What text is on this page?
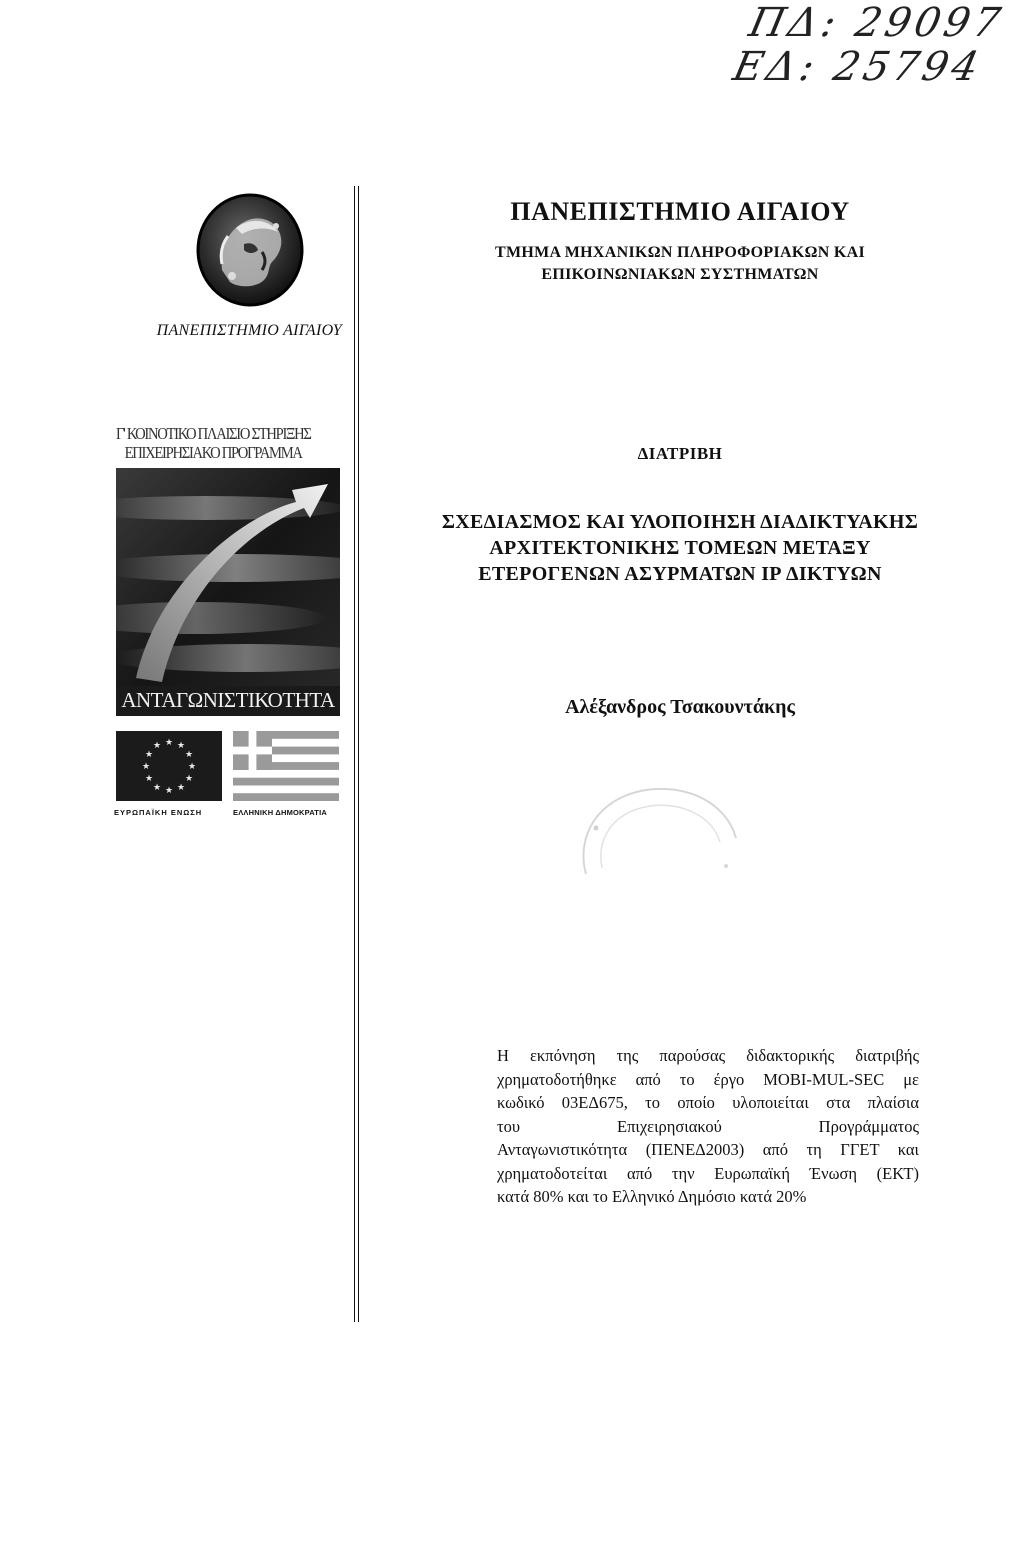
ΠΔ: 29097
ΕΔ: 25794
ΠΑΝΕΠΙΣΤΗΜΙΟ ΑΙΓΑΙΟΥ
Γ' ΚΟΙΝΟΤΙΚΟ ΠΛΑΙΣΙΟ ΣΤΗΡΙΞΗΣ
ΕΠΙΧΕΙΡΗΣΙΑΚΟ ΠΡΟΓΡΑΜΜΑ
ΑΝΤΑΓΩΝΙΣΤΙΚΟΤΗΤΑ
★ ★
★
★
★
★
★
★
★
★
★
★
ΕΥΡΩΠΑΪΚΗ ΕΝΩΣΗ	ΕΛΛΗΝΙΚΗ ΔΗΜΟΚΡΑΤΙΑ
ΠΑΝΕΠΙΣΤΗΜΙΟ ΑΙΓΑΙΟΥ
ΤΜΗΜΑ ΜΗΧΑΝΙΚΩΝ ΠΛΗΡΟΦΟΡΙΑΚΩΝ ΚΑΙ
ΕΠΙΚΟΙΝΩΝΙΑΚΩΝ ΣΥΣΤΗΜΑΤΩΝ
ΔΙΑΤΡΙΒΗ
ΣΧΕΔΙΑΣΜΟΣ ΚΑΙ ΥΛΟΠΟΙΗΣΗ ΔΙΑΔΙΚΤΥΑΚΗΣ
ΑΡΧΙΤΕΚΤΟΝΙΚΗΣ ΤΟΜΕΩΝ ΜΕΤΑΞΥ
ΕΤΕΡΟΓΕΝΩΝ ΑΣΥΡΜΑΤΩΝ IP ΔΙΚΤΥΩΝ
Αλέξανδρος Τσακουντάκης
Η εκπόνηση της παρούσας διδακτορικής διατριβής
χρηματοδοτήθηκε από το έργο MOBI-MUL-SEC με
κωδικό 03ΕΔ675, το οποίο υλοποιείται στα πλαίσια
του Επιχειρησιακού Προγράμματος
Ανταγωνιστικότητα (ΠΕΝΕΔ2003) από τη ΓΓΕΤ και
χρηματοδοτείται από την Ευρωπαϊκή Ένωση (ΕΚΤ)
κατά 80% και το Ελληνικό Δημόσιο κατά 20%
